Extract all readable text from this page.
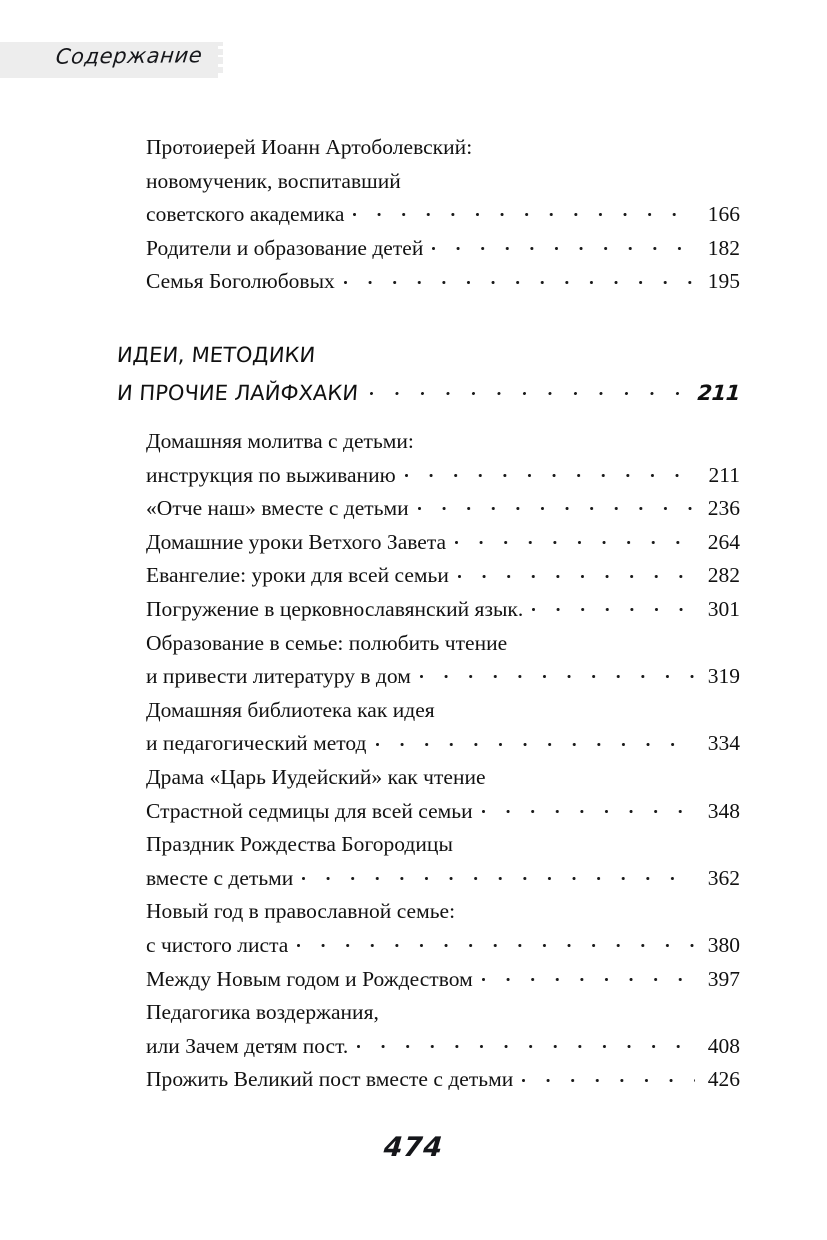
Содержание
Протоиерей Иоанн Артоболевский:
новомученик, воспитавший
советского академика	166
Родители и образование детей	182
Семья Боголюбовых	195
ИДЕИ, МЕТОДИКИ
И ПРОЧИЕ ЛАЙФХАКИ	211
Домашняя молитва с детьми:
инструкция по выживанию	211
«Отче наш» вместе с детьми	236
Домашние уроки Ветхого Завета	264
Евангелие: уроки для всей семьи	282
Погружение в церковнославянский язык.	301
Образование в семье: полюбить чтение
и привести литературу в дом	319
Домашняя библиотека как идея
и педагогический метод	334
Драма «Царь Иудейский» как чтение
Страстной седмицы для всей семьи	348
Праздник Рождества Богородицы
вместе с детьми	362
Новый год в православной семье:
с чистого листа	380
Между Новым годом и Рождеством	397
Педагогика воздержания,
или Зачем детям пост.	408
Прожить Великий пост вместе с детьми	426
474
